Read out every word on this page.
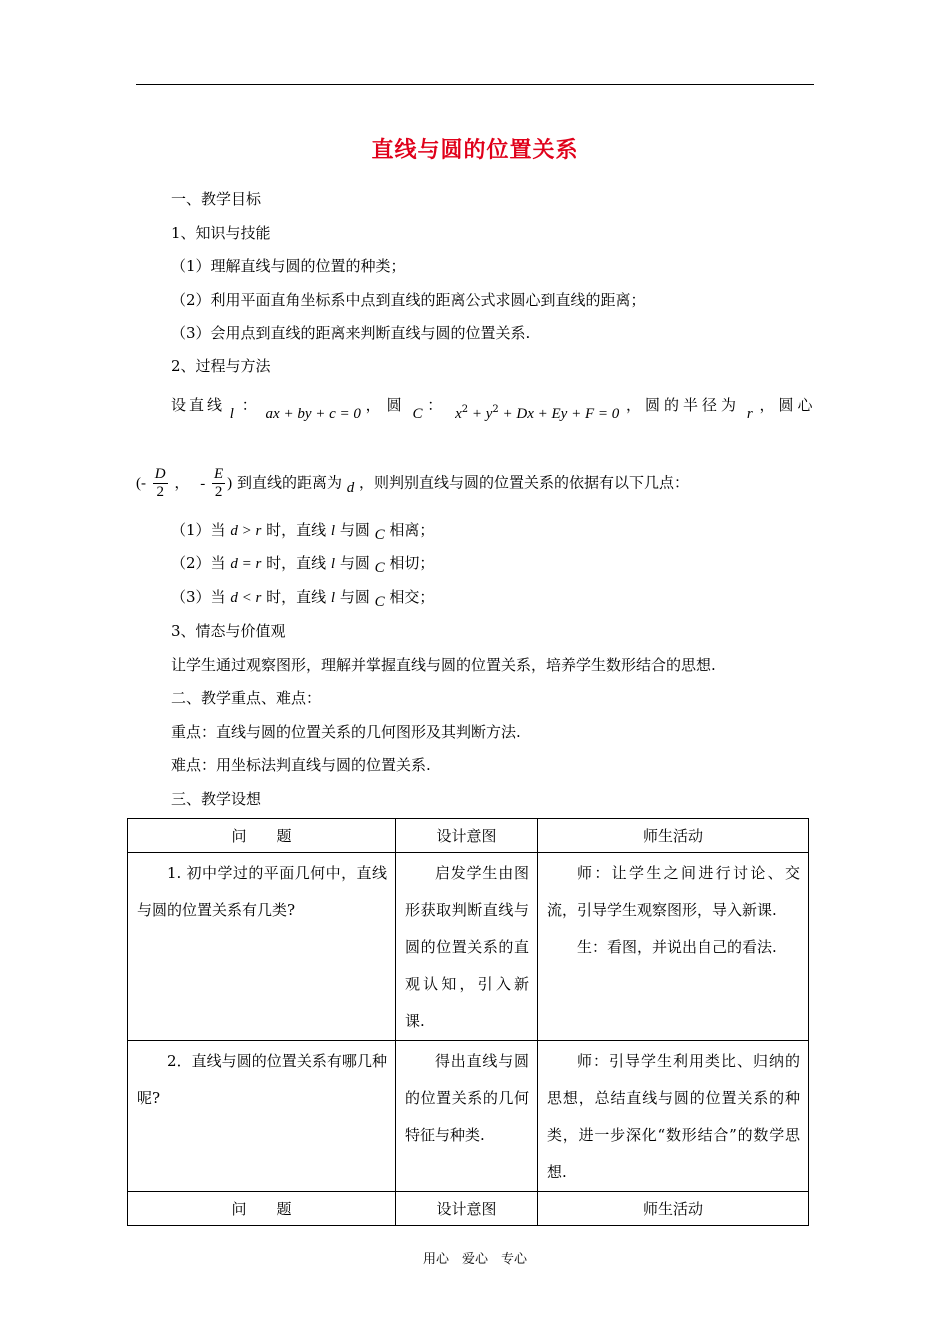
直线与圆的位置关系
一、教学目标
1、知识与技能
（1）理解直线与圆的位置的种类；
（2）利用平面直角坐标系中点到直线的距离公式求圆心到直线的距离；
（3）会用点到直线的距离来判断直线与圆的位置关系.
2、过程与方法
设直线 l ： ax + by + c = 0 ，圆 C ： $x^2 + y^2 + Dx + Ey + F = 0$ ，圆的半径为 r ，圆心
(- $\frac{D}{2}$ ， - $\frac{E}{2}$ ) 到直线的距离为 d ，则判别直线与圆的位置关系的依据有以下几点：
（1）当 d > r 时，直线 l 与圆 C 相离；
（2）当 d = r 时，直线 l 与圆 C 相切；
（3）当 d < r 时，直线 l 与圆 C 相交；
3、情态与价值观
让学生通过观察图形，理解并掌握直线与圆的位置关系，培养学生数形结合的思想.
二、教学重点、难点：
重点：直线与圆的位置关系的几何图形及其判断方法.
难点：用坐标法判直线与圆的位置关系.
三、教学设想
问　　题	设计意图	师生活动

1. 初中学过的平面几何中，直线与圆的位置关系有几类?	启发学生由图形获取判断直线与圆的位置关系的直观认知，引入新课.	师：让学生之间进行讨论、交流，引导学生观察图形，导入新课.

生：看图，并说出自己的看法.

2．直线与圆的位置关系有哪几种呢?	得出直线与圆的位置关系的几何特征与种类.	师：引导学生利用类比、归纳的思想，总结直线与圆的位置关系的种类，进一步深化“数形结合”的数学思想.

问　　题	设计意图	师生活动
用心　爱心　专心
